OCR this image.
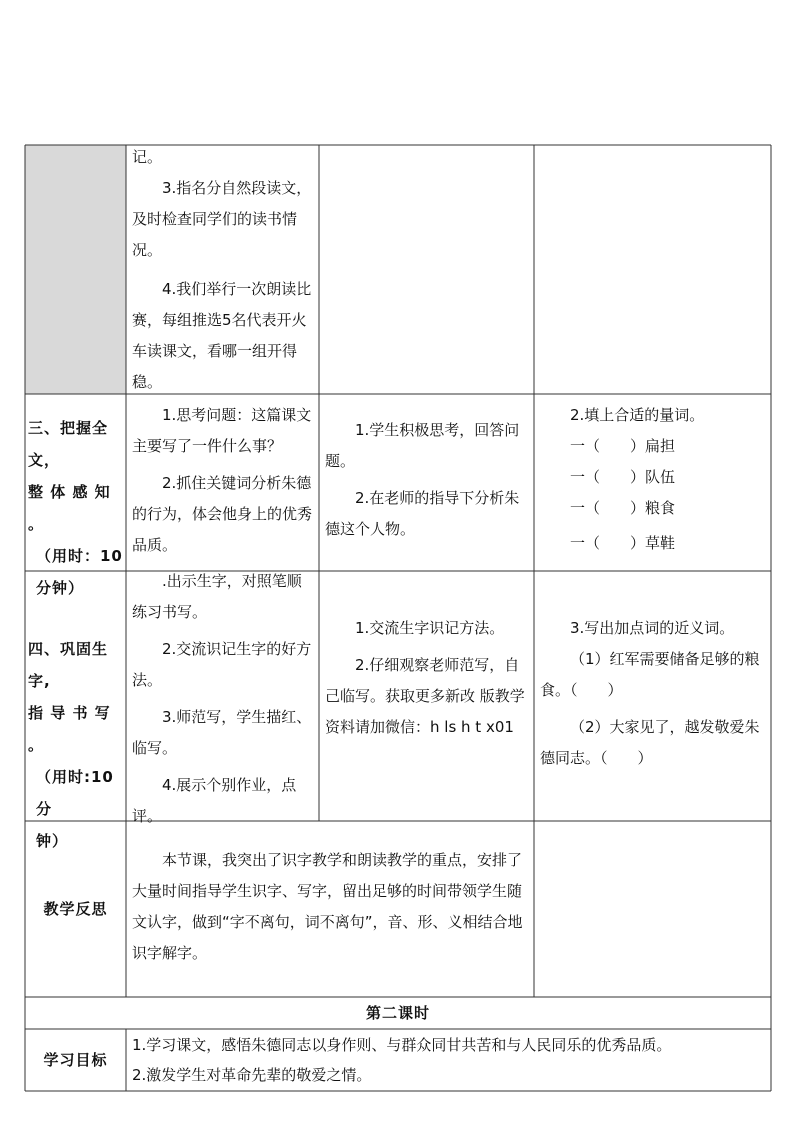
记。

3.指名分自然段读文，及时检查同学们的读书情况。

4.我们举行一次朗读比赛，每组推选5名代表开火车读课文，看哪一组开得稳。

三、把握全文，
整 体 感 知 。
（用时：10
分钟）

1.思考问题：这篇课文主要写了一件什么事？

2.抓住关键词分析朱德的行为，体会他身上的优秀品质。

1.学生积极思考，回答问题。

2.在老师的指导下分析朱德这个人物。

2.填上合适的量词。

一（　　）扁担
一（　　）队伍
一（　　）粮食
一（　　）草鞋
四、巩固生字,
指 导 书 写 。
（用时:10分
钟）

.出示生字，对照笔顺练习书写。

2.交流识记生字的好方法。

3.师范写，学生描红、临写。

4.展示个别作业，点评。

1.交流生字识记方法。

2.仔细观察老师范写，自己临写。获取更多新改 版教学资料请加微信：h ls h t x01

3.写出加点词的近义词。

（1）红军需要储备足够的粮食。（　　）

（2）大家见了，越发敬爱朱德同志。（　　）

教学反思

本节课，我突出了识字教学和朗读教学的重点，安排了大量时间指导学生识字、写字，留出足够的时间带领学生随文认字，做到“字不离句，词不离句”，音、形、义相结合地识字解字。

第二课时
学习目标

1.学习课文，感悟朱德同志以身作则、与群众同甘共苦和与人民同乐的优秀品质。

2.激发学生对革命先辈的敬爱之情。
